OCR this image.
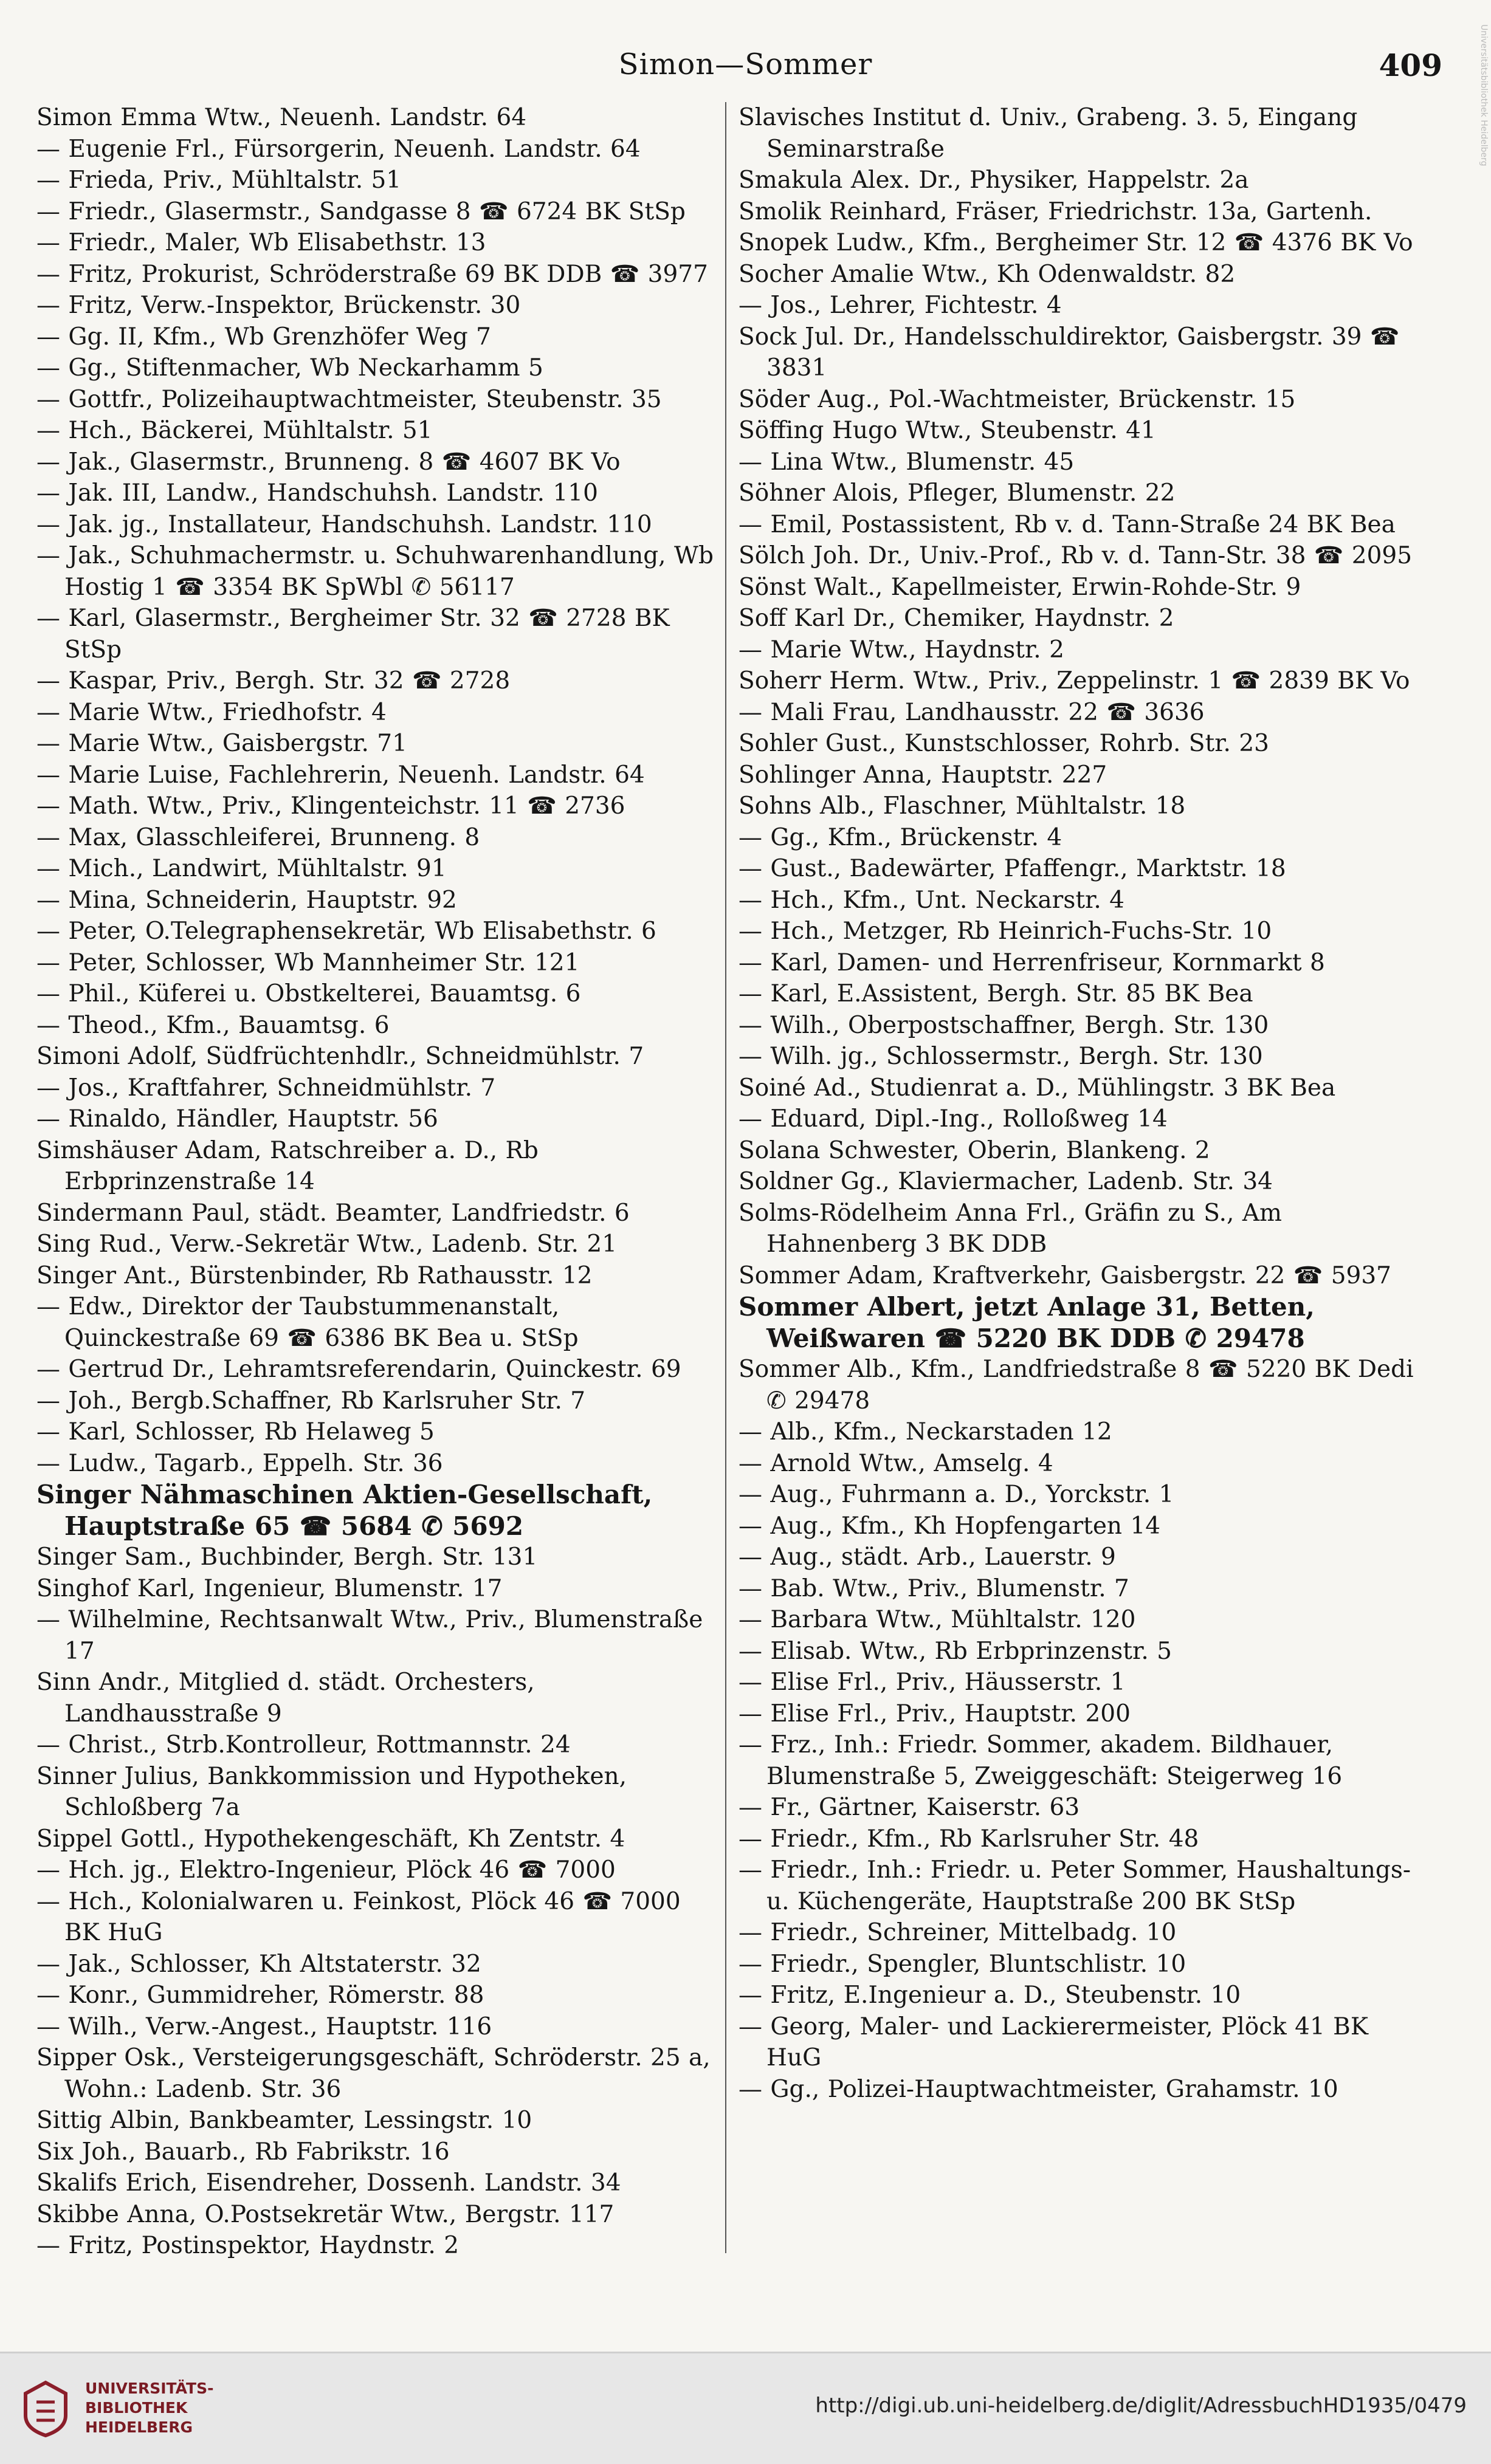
Simon—Sommer	409
Simon Emma Wtw., Neuenh. Landstr. 64
— Eugenie Frl., Fürsorgerin, Neuenh. Landstr. 64
— Frieda, Priv., Mühltalstr. 51
— Friedr., Glasermstr., Sandgasse 8 ☎ 6724 BK StSp
— Friedr., Maler, Wb Elisabethstr. 13
— Fritz, Prokurist, Schröderstraße 69 BK DDB ☎ 3977
— Fritz, Verw.-Inspektor, Brückenstr. 30
— Gg. II, Kfm., Wb Grenzhöfer Weg 7
— Gg., Stiftenmacher, Wb Neckarhamm 5
— Gottfr., Polizeihauptwachtmeister, Steubenstr. 35
— Hch., Bäckerei, Mühltalstr. 51
— Jak., Glasermstr., Brunneng. 8 ☎ 4607 BK Vo
— Jak. III, Landw., Handschuhsh. Landstr. 110
— Jak. jg., Installateur, Handschuhsh. Landstr. 110
— Jak., Schuhmachermstr. u. Schuhwarenhandlung, Wb Hostig 1 ☎ 3354 BK SpWbl ✆ 56117
— Karl, Glasermstr., Bergheimer Str. 32 ☎ 2728 BK StSp
— Kaspar, Priv., Bergh. Str. 32 ☎ 2728
— Marie Wtw., Friedhofstr. 4
— Marie Wtw., Gaisbergstr. 71
— Marie Luise, Fachlehrerin, Neuenh. Landstr. 64
— Math. Wtw., Priv., Klingenteichstr. 11 ☎ 2736
— Max, Glasschleiferei, Brunneng. 8
— Mich., Landwirt, Mühltalstr. 91
— Mina, Schneiderin, Hauptstr. 92
— Peter, O.Telegraphensekretär, Wb Elisabethstr. 6
— Peter, Schlosser, Wb Mannheimer Str. 121
— Phil., Küferei u. Obstkelterei, Bauamtsg. 6
— Theod., Kfm., Bauamtsg. 6
Simoni Adolf, Südfrüchtenhdlr., Schneidmühlstr. 7
— Jos., Kraftfahrer, Schneidmühlstr. 7
— Rinaldo, Händler, Hauptstr. 56
Simshäuser Adam, Ratschreiber a. D., Rb Erbprinzenstraße 14
Sindermann Paul, städt. Beamter, Landfriedstr. 6
Sing Rud., Verw.-Sekretär Wtw., Ladenb. Str. 21
Singer Ant., Bürstenbinder, Rb Rathausstr. 12
— Edw., Direktor der Taubstummenanstalt, Quinckestraße 69 ☎ 6386 BK Bea u. StSp
— Gertrud Dr., Lehramtsreferendarin, Quinckestr. 69
— Joh., Bergb.Schaffner, Rb Karlsruher Str. 7
— Karl, Schlosser, Rb Helaweg 5
— Ludw., Tagarb., Eppelh. Str. 36
Singer Nähmaschinen Aktien-Gesellschaft, Hauptstraße 65 ☎ 5684 ✆ 5692
Singer Sam., Buchbinder, Bergh. Str. 131
Singhof Karl, Ingenieur, Blumenstr. 17
— Wilhelmine, Rechtsanwalt Wtw., Priv., Blumenstraße 17
Sinn Andr., Mitglied d. städt. Orchesters, Landhausstraße 9
— Christ., Strb.Kontrolleur, Rottmannstr. 24
Sinner Julius, Bankkommission und Hypotheken, Schloßberg 7a
Sippel Gottl., Hypothekengeschäft, Kh Zentstr. 4
— Hch. jg., Elektro-Ingenieur, Plöck 46 ☎ 7000
— Hch., Kolonialwaren u. Feinkost, Plöck 46 ☎ 7000 BK HuG
— Jak., Schlosser, Kh Altstaterstr. 32
— Konr., Gummidreher, Römerstr. 88
— Wilh., Verw.-Angest., Hauptstr. 116
Sipper Osk., Versteigerungsgeschäft, Schröderstr. 25 a, Wohn.: Ladenb. Str. 36
Sittig Albin, Bankbeamter, Lessingstr. 10
Six Joh., Bauarb., Rb Fabrikstr. 16
Skalifs Erich, Eisendreher, Dossenh. Landstr. 34
Skibbe Anna, O.Postsekretär Wtw., Bergstr. 117
— Fritz, Postinspektor, Haydnstr. 2
Slavisches Institut d. Univ., Grabeng. 3. 5, Eingang Seminarstraße
Smakula Alex. Dr., Physiker, Happelstr. 2a
Smolik Reinhard, Fräser, Friedrichstr. 13a, Gartenh.
Snopek Ludw., Kfm., Bergheimer Str. 12 ☎ 4376 BK Vo
Socher Amalie Wtw., Kh Odenwaldstr. 82
— Jos., Lehrer, Fichtestr. 4
Sock Jul. Dr., Handelsschuldirektor, Gaisbergstr. 39 ☎ 3831
Söder Aug., Pol.-Wachtmeister, Brückenstr. 15
Söffing Hugo Wtw., Steubenstr. 41
— Lina Wtw., Blumenstr. 45
Söhner Alois, Pfleger, Blumenstr. 22
— Emil, Postassistent, Rb v. d. Tann-Straße 24 BK Bea
Sölch Joh. Dr., Univ.-Prof., Rb v. d. Tann-Str. 38 ☎ 2095
Sönst Walt., Kapellmeister, Erwin-Rohde-Str. 9
Soff Karl Dr., Chemiker, Haydnstr. 2
— Marie Wtw., Haydnstr. 2
Soherr Herm. Wtw., Priv., Zeppelinstr. 1 ☎ 2839 BK Vo
— Mali Frau, Landhausstr. 22 ☎ 3636
Sohler Gust., Kunstschlosser, Rohrb. Str. 23
Sohlinger Anna, Hauptstr. 227
Sohns Alb., Flaschner, Mühltalstr. 18
— Gg., Kfm., Brückenstr. 4
— Gust., Badewärter, Pfaffengr., Marktstr. 18
— Hch., Kfm., Unt. Neckarstr. 4
— Hch., Metzger, Rb Heinrich-Fuchs-Str. 10
— Karl, Damen- und Herrenfriseur, Kornmarkt 8
— Karl, E.Assistent, Bergh. Str. 85 BK Bea
— Wilh., Oberpostschaffner, Bergh. Str. 130
— Wilh. jg., Schlossermstr., Bergh. Str. 130
Soiné Ad., Studienrat a. D., Mühlingstr. 3 BK Bea
— Eduard, Dipl.-Ing., Rolloßweg 14
Solana Schwester, Oberin, Blankeng. 2
Soldner Gg., Klaviermacher, Ladenb. Str. 34
Solms-Rödelheim Anna Frl., Gräfin zu S., Am Hahnenberg 3 BK DDB
Sommer Adam, Kraftverkehr, Gaisbergstr. 22 ☎ 5937
Sommer Albert, jetzt Anlage 31, Betten, Weißwaren ☎ 5220 BK DDB ✆ 29478
Sommer Alb., Kfm., Landfriedstraße 8 ☎ 5220 BK Dedi ✆ 29478
— Alb., Kfm., Neckarstaden 12
— Arnold Wtw., Amselg. 4
— Aug., Fuhrmann a. D., Yorckstr. 1
— Aug., Kfm., Kh Hopfengarten 14
— Aug., städt. Arb., Lauerstr. 9
— Bab. Wtw., Priv., Blumenstr. 7
— Barbara Wtw., Mühltalstr. 120
— Elisab. Wtw., Rb Erbprinzenstr. 5
— Elise Frl., Priv., Häusserstr. 1
— Elise Frl., Priv., Hauptstr. 200
— Frz., Inh.: Friedr. Sommer, akadem. Bildhauer, Blumenstraße 5, Zweiggeschäft: Steigerweg 16
— Fr., Gärtner, Kaiserstr. 63
— Friedr., Kfm., Rb Karlsruher Str. 48
— Friedr., Inh.: Friedr. u. Peter Sommer, Haushaltungs- u. Küchengeräte, Hauptstraße 200 BK StSp
— Friedr., Schreiner, Mittelbadg. 10
— Friedr., Spengler, Bluntschlistr. 10
— Fritz, E.Ingenieur a. D., Steubenstr. 10
— Georg, Maler- und Lackierermeister, Plöck 41 BK HuG
— Gg., Polizei-Hauptwachtmeister, Grahamstr. 10
Universitätsbibliothek Heidelberg
UNIVERSITÄTS-
BIBLIOTHEK
HEIDELBERG
http://digi.ub.uni-heidelberg.de/diglit/AdressbuchHD1935/0479
